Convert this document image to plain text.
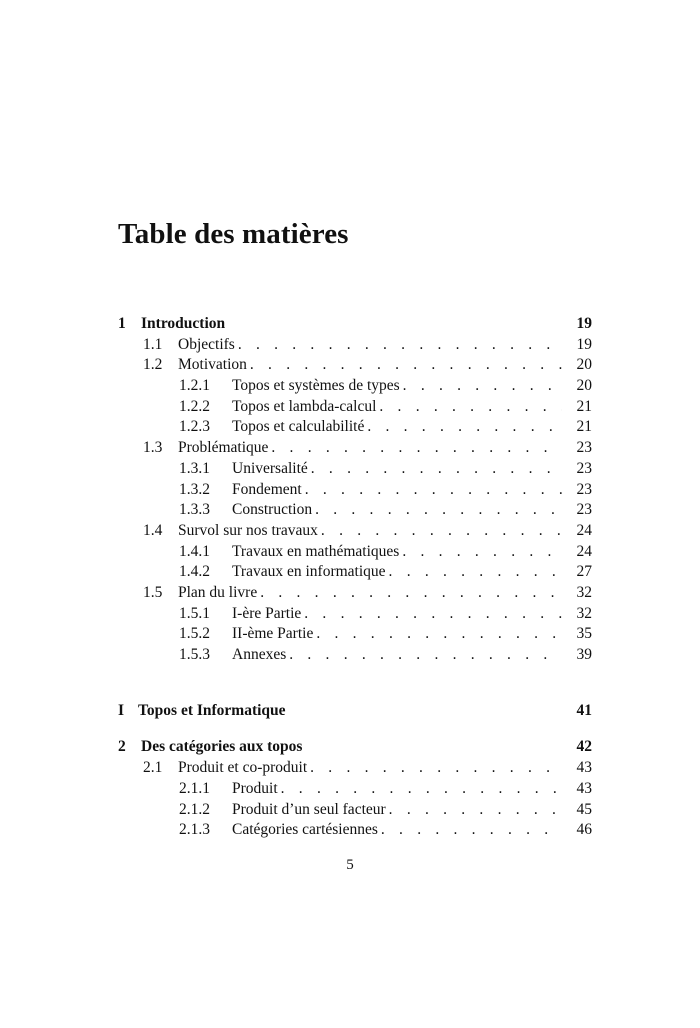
Table des matières
1 Introduction	19
1.1 Objectifs . . .	19
1.2 Motivation . . .	20
1.2.1 Topos et systèmes de types . . .	20
1.2.2 Topos et lambda-calcul . . .	21
1.2.3 Topos et calculabilité . . .	21
1.3 Problématique . . .	23
1.3.1 Universalité . . .	23
1.3.2 Fondement . . .	23
1.3.3 Construction . . .	23
1.4 Survol sur nos travaux . . .	24
1.4.1 Travaux en mathématiques . . .	24
1.4.2 Travaux en informatique . . .	27
1.5 Plan du livre . . .	32
1.5.1 I-ère Partie . . .	32
1.5.2 II-ème Partie . . .	35
1.5.3 Annexes . . .	39
I Topos et Informatique	41
2 Des catégories aux topos	42
2.1 Produit et co-produit . . .	43
2.1.1 Produit . . .	43
2.1.2 Produit d’un seul facteur . . .	45
2.1.3 Catégories cartésiennes . . .	46
5
